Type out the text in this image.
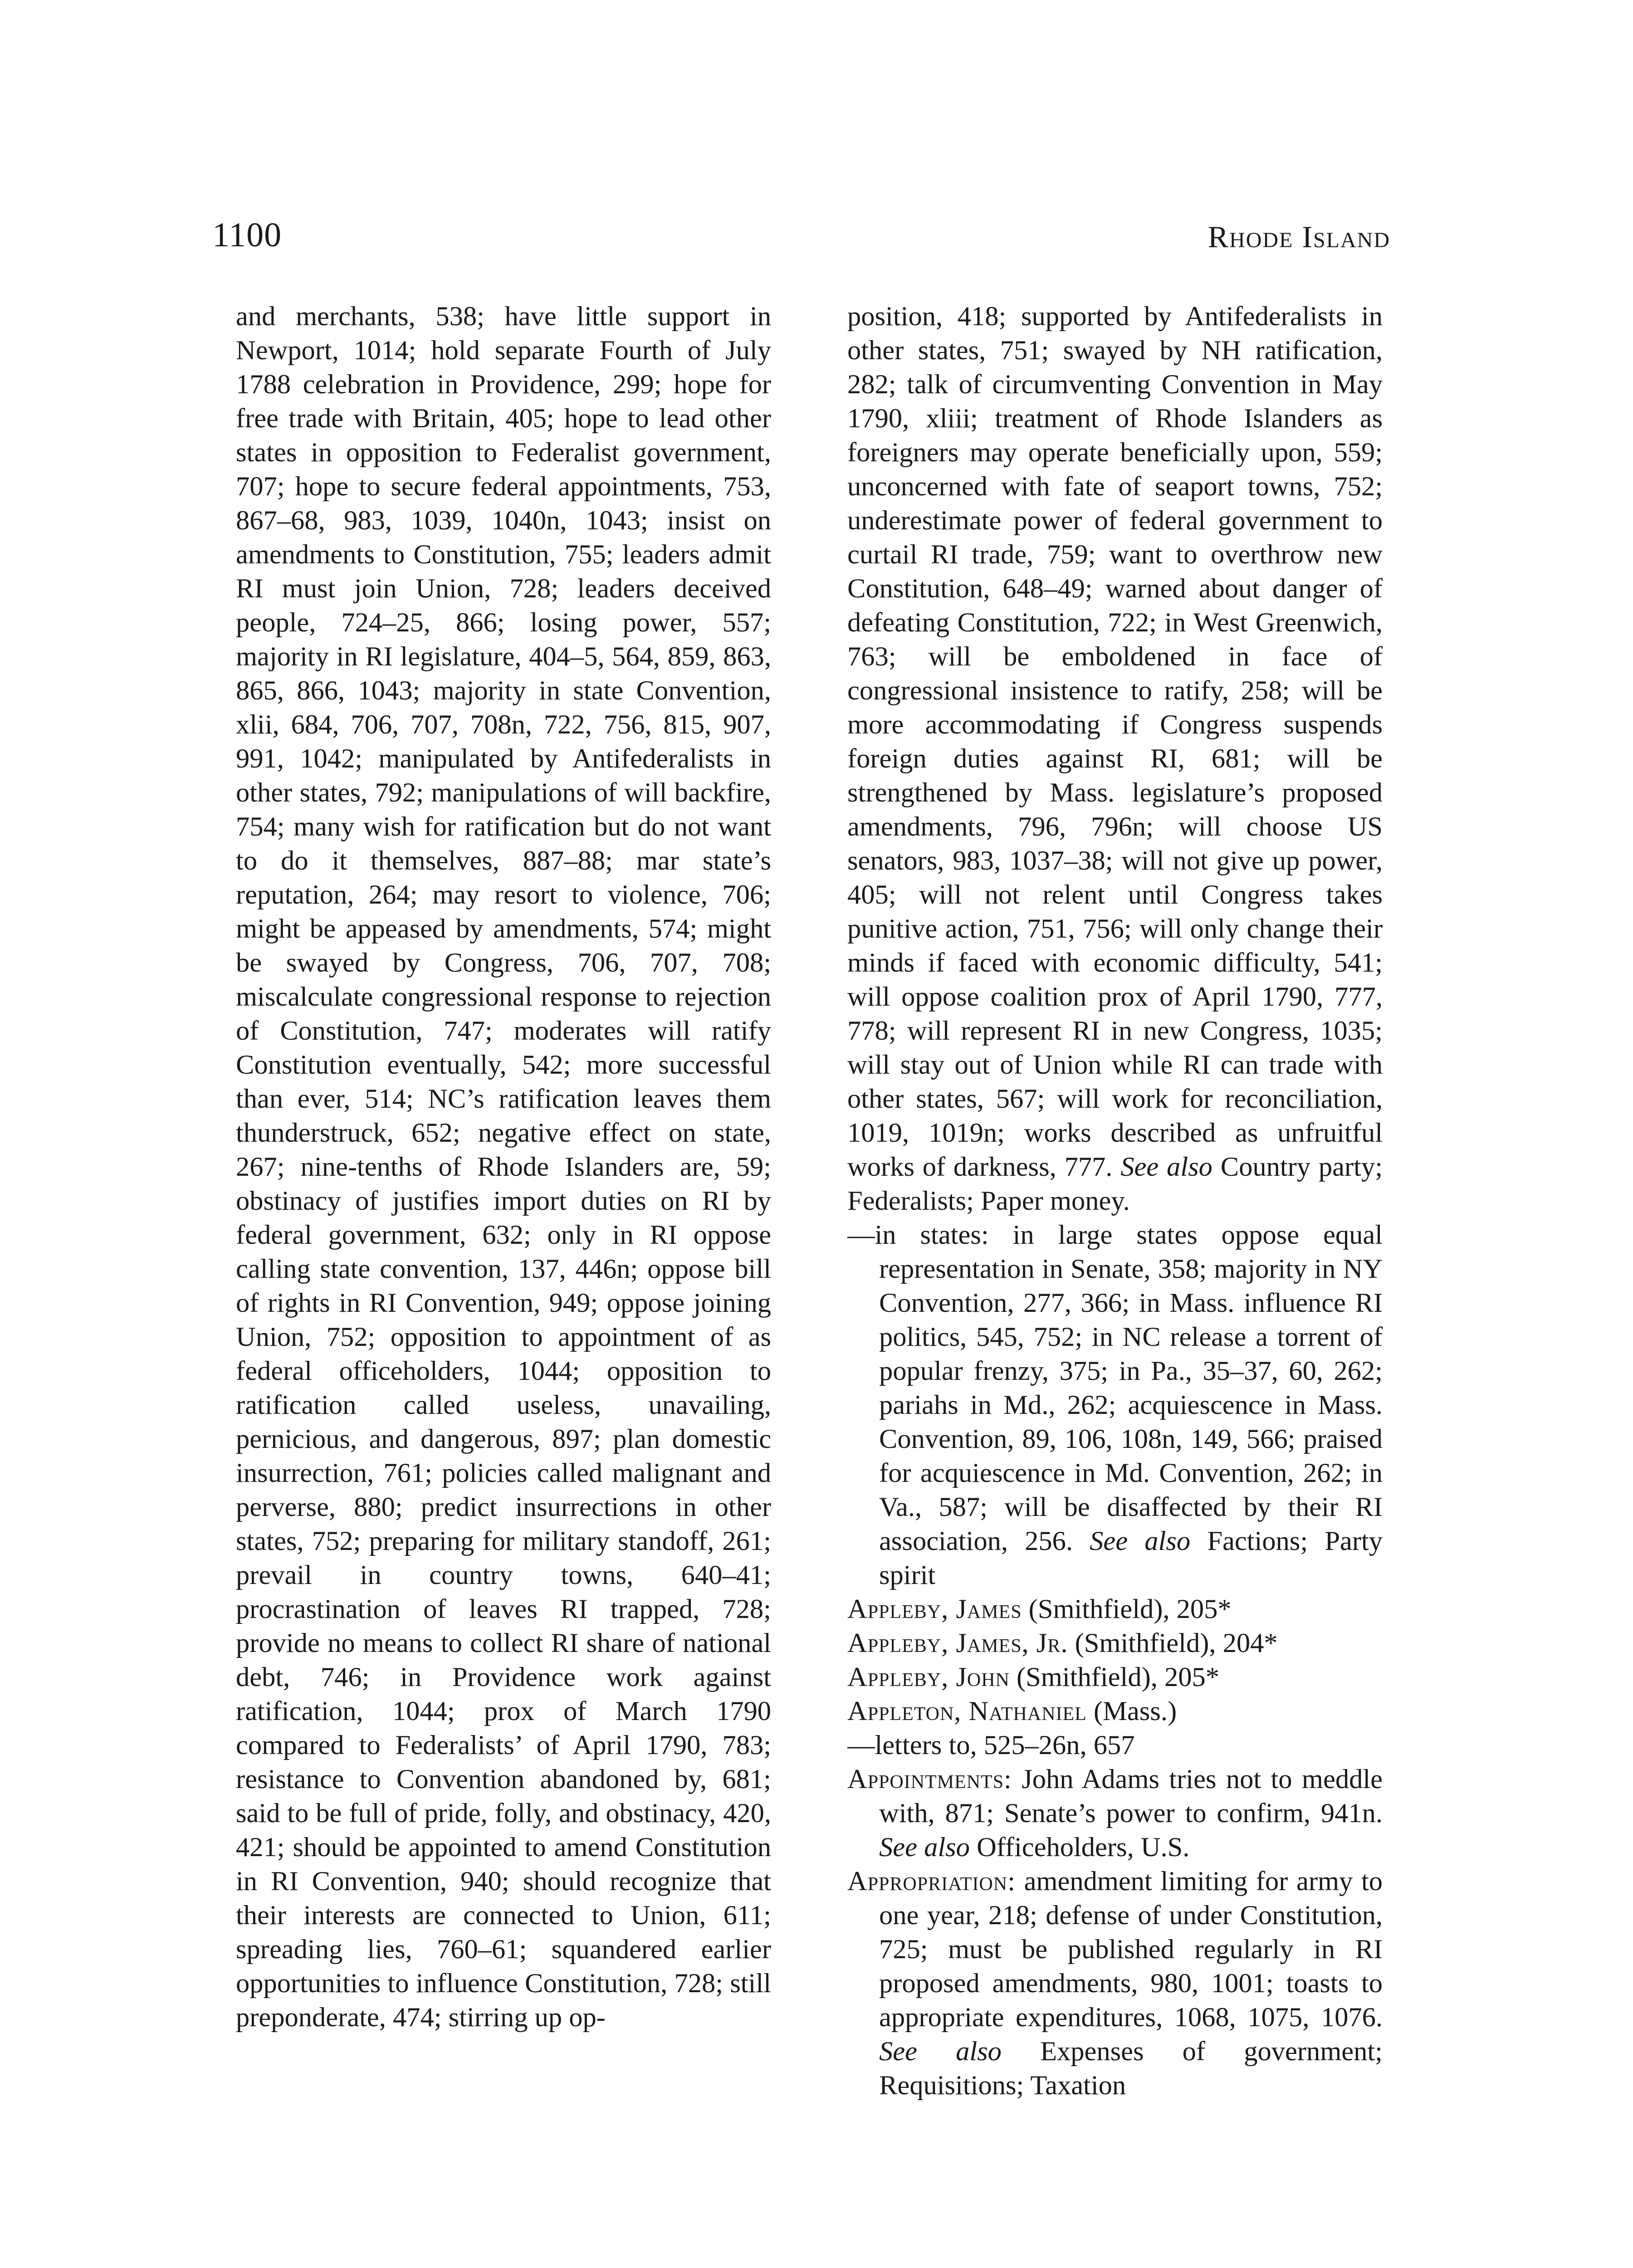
1100	Rhode Island

and merchants, 538; have little support in Newport, 1014; hold separate Fourth of July 1788 celebration in Providence, 299; hope for free trade with Britain, 405; hope to lead other states in opposition to Federalist government, 707; hope to secure federal appointments, 753, 867–68, 983, 1039, 1040n, 1043; insist on amendments to Constitution, 755; leaders admit RI must join Union, 728; leaders deceived people, 724–25, 866; losing power, 557; majority in RI legislature, 404–5, 564, 859, 863, 865, 866, 1043; majority in state Convention, xlii, 684, 706, 707, 708n, 722, 756, 815, 907, 991, 1042; manipulated by Antifederalists in other states, 792; manipulations of will backfire, 754; many wish for ratification but do not want to do it themselves, 887–88; mar state’s reputation, 264; may resort to violence, 706; might be appeased by amendments, 574; might be swayed by Congress, 706, 707, 708; miscalculate congressional response to rejection of Constitution, 747; moderates will ratify Constitution eventually, 542; more successful than ever, 514; NC’s ratification leaves them thunderstruck, 652; negative effect on state, 267; nine-tenths of Rhode Islanders are, 59; obstinacy of justifies import duties on RI by federal government, 632; only in RI oppose calling state convention, 137, 446n; oppose bill of rights in RI Convention, 949; oppose joining Union, 752; opposition to appointment of as federal officeholders, 1044; opposition to ratification called useless, unavailing, pernicious, and dangerous, 897; plan domestic insurrection, 761; policies called malignant and perverse, 880; predict insurrections in other states, 752; preparing for military standoff, 261; prevail in country towns, 640–41; procrastination of leaves RI trapped, 728; provide no means to collect RI share of national debt, 746; in Providence work against ratification, 1044; prox of March 1790 compared to Federalists’ of April 1790, 783; resistance to Convention abandoned by, 681; said to be full of pride, folly, and obstinacy, 420, 421; should be appointed to amend Constitution in RI Convention, 940; should recognize that their interests are connected to Union, 611; spreading lies, 760–61; squandered earlier opportunities to influence Constitution, 728; still preponderate, 474; stirring up op-

position, 418; supported by Antifederalists in other states, 751; swayed by NH ratification, 282; talk of circumventing Convention in May 1790, xliii; treatment of Rhode Islanders as foreigners may operate beneficially upon, 559; unconcerned with fate of seaport towns, 752; underestimate power of federal government to curtail RI trade, 759; want to overthrow new Constitution, 648–49; warned about danger of defeating Constitution, 722; in West Greenwich, 763; will be emboldened in face of congressional insistence to ratify, 258; will be more accommodating if Congress suspends foreign duties against RI, 681; will be strengthened by Mass. legislature’s proposed amendments, 796, 796n; will choose US senators, 983, 1037–38; will not give up power, 405; will not relent until Congress takes punitive action, 751, 756; will only change their minds if faced with economic difficulty, 541; will oppose coalition prox of April 1790, 777, 778; will represent RI in new Congress, 1035; will stay out of Union while RI can trade with other states, 567; will work for reconciliation, 1019, 1019n; works described as unfruitful works of darkness, 777. See also Country party; Federalists; Paper money.

—in states: in large states oppose equal representation in Senate, 358; majority in NY Convention, 277, 366; in Mass. influence RI politics, 545, 752; in NC release a torrent of popular frenzy, 375; in Pa., 35–37, 60, 262; pariahs in Md., 262; acquiescence in Mass. Convention, 89, 106, 108n, 149, 566; praised for acquiescence in Md. Convention, 262; in Va., 587; will be disaffected by their RI association, 256. See also Factions; Party spirit

Appleby, James (Smithfield), 205*

Appleby, James, Jr. (Smithfield), 204*

Appleby, John (Smithfield), 205*

Appleton, Nathaniel (Mass.)

—letters to, 525–26n, 657

Appointments: John Adams tries not to meddle with, 871; Senate’s power to confirm, 941n. See also Officeholders, U.S.

Appropriation: amendment limiting for army to one year, 218; defense of under Constitution, 725; must be published regularly in RI proposed amendments, 980, 1001; toasts to appropriate expenditures, 1068, 1075, 1076. See also Expenses of government; Requisitions; Taxation
